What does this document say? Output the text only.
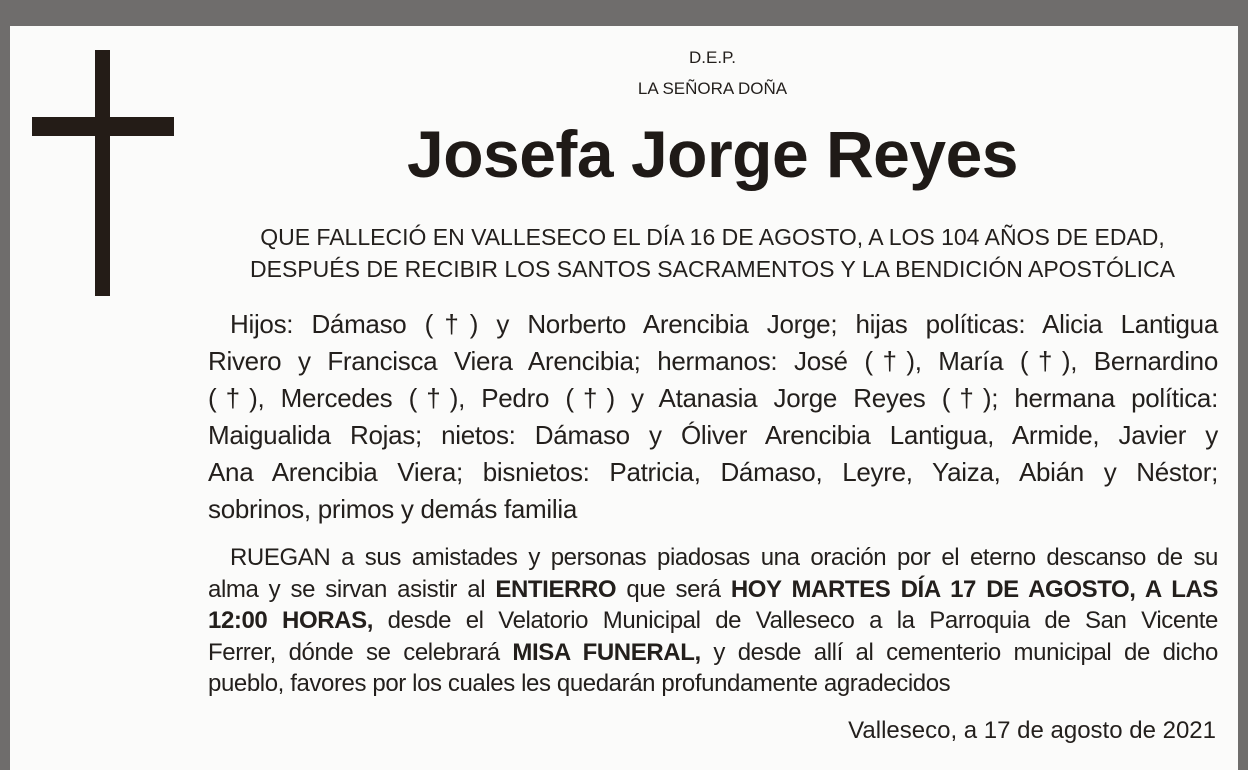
D.E.P.
LA SEÑORA DOÑA
Josefa Jorge Reyes
QUE FALLECIÓ EN VALLESECO EL DÍA 16 DE AGOSTO, A LOS 104 AÑOS DE EDAD,
DESPUÉS DE RECIBIR LOS SANTOS SACRAMENTOS Y LA BENDICIÓN APOSTÓLICA
Hijos: Dámaso (†) y Norberto Arencibia Jorge; hijas políticas: Alicia Lantigua
Rivero y Francisca Viera Arencibia; hermanos: José (†), María (†), Bernardino
(†), Mercedes (†), Pedro (†) y Atanasia Jorge Reyes (†); hermana política:
Maigualida Rojas; nietos: Dámaso y Óliver Arencibia Lantigua, Armide, Javier y
Ana Arencibia Viera; bisnietos: Patricia, Dámaso, Leyre, Yaiza, Abián y Néstor;
sobrinos, primos y demás familia
RUEGAN a sus amistades y personas piadosas una oración por el eterno descanso de su
alma y se sirvan asistir al ENTIERRO que será HOY MARTES DÍA 17 DE AGOSTO, A LAS
12:00 HORAS, desde el Velatorio Municipal de Valleseco a la Parroquia de San Vicente
Ferrer, dónde se celebrará MISA FUNERAL, y desde allí al cementerio municipal de dicho
pueblo, favores por los cuales les quedarán profundamente agradecidos
Valleseco, a 17 de agosto de 2021
